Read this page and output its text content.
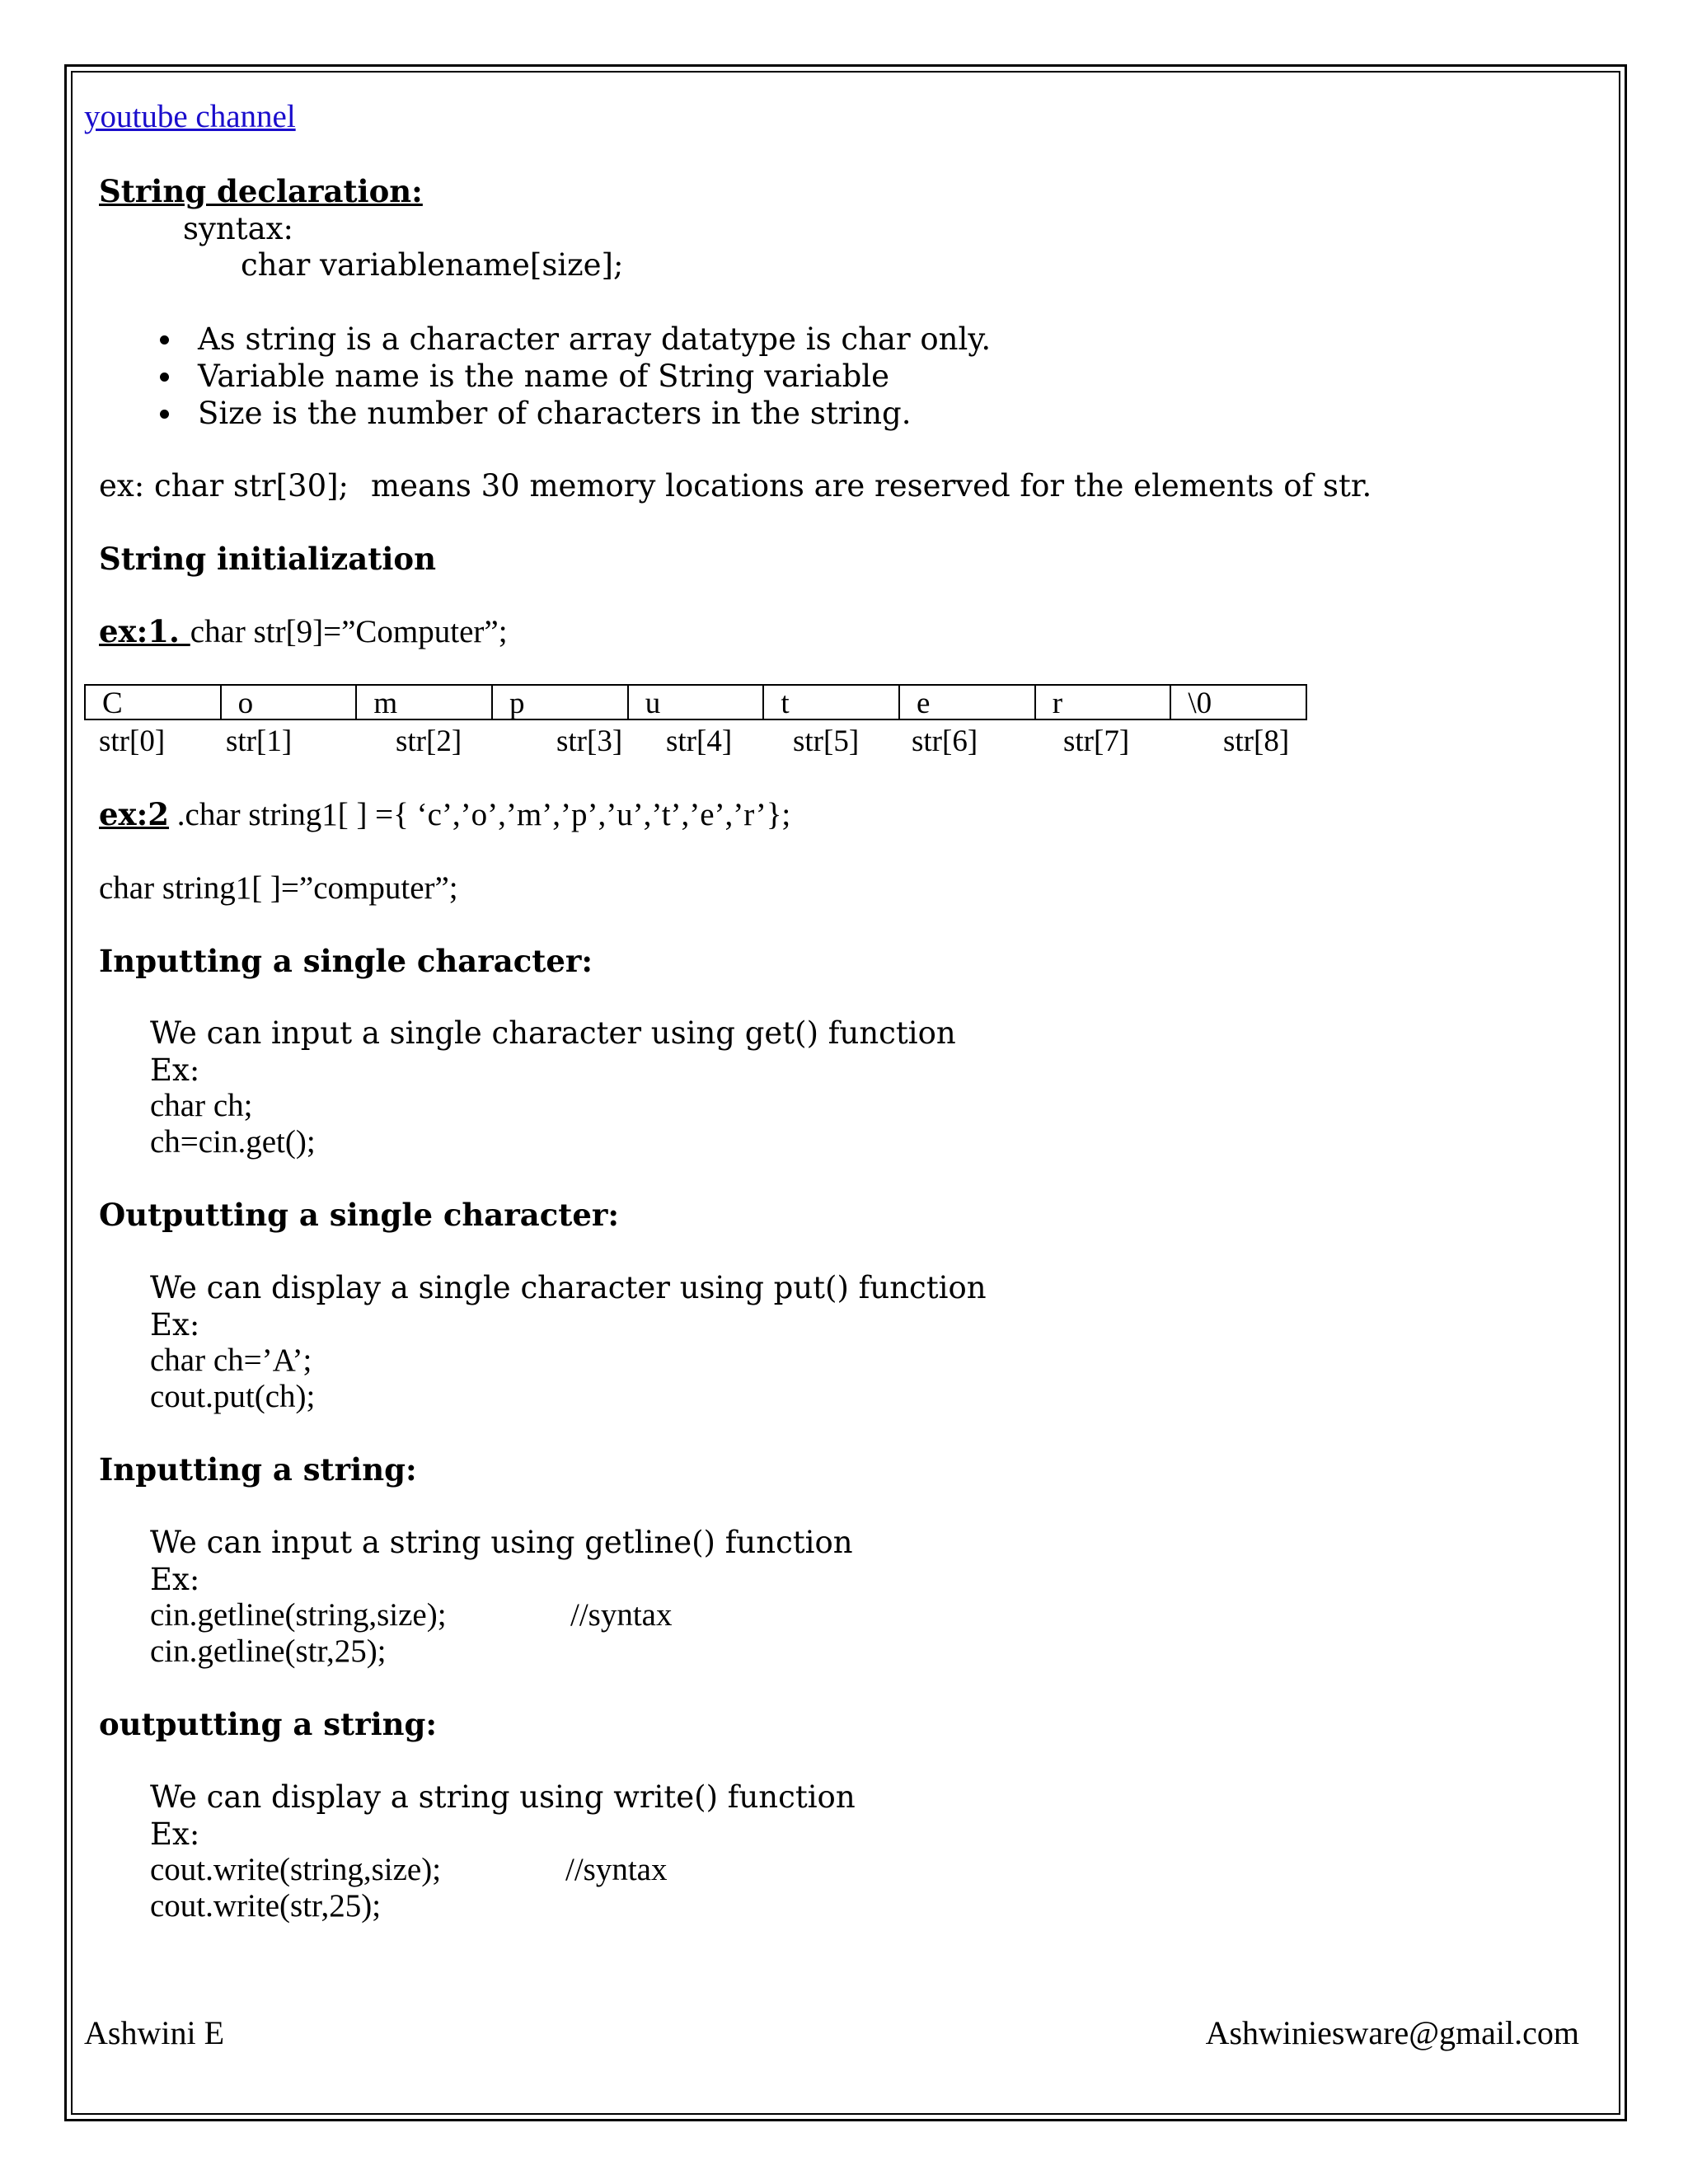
youtube channel
String declaration:
syntax:
char variablename[size];
As string is a character array datatype is char only.
Variable name is the name of String variable
Size is the number of characters in the string.
ex: char str[30]; means 30 memory locations are reserved for the elements of str.
String initialization
ex:1. char str[9]=”Computer”;
C	o	m	p	u	t	e	r	\0
str[0] str[1]	str[2]	str[3] str[4] str[5] str[6]	str[7]	str[8]
ex:2 .char string1[ ] ={ ‘c’,’o’,’m’,’p’,’u’,’t’,’e’,’r’};
char string1[ ]=”computer”;
Inputting a single character:
We can input a single character using get() function
Ex:
char ch;
ch=cin.get();
Outputting a single character:
We can display a single character using put() function
Ex:
char ch=’A’;
cout.put(ch);
Inputting a string:
We can input a string using getline() function
Ex:
cin.getline(string,size);	//syntax
cin.getline(str,25);
outputting a string:
We can display a string using write() function
Ex:
cout.write(string,size);	//syntax
cout.write(str,25);
Ashwini E	Ashwiniesware@gmail.com
